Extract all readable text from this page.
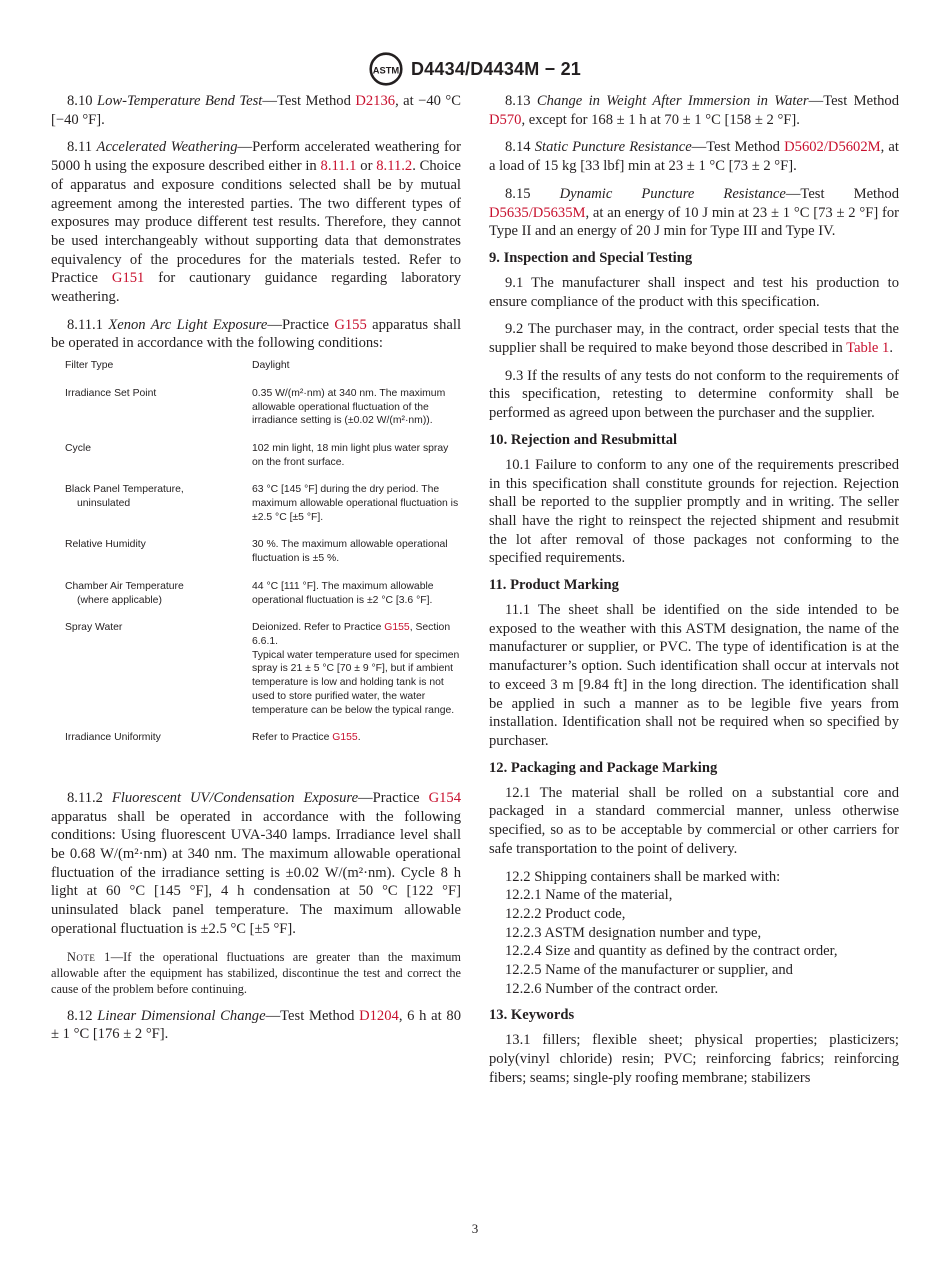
ASTM D4434/D4434M − 21

8.10 Low-Temperature Bend Test—Test Method D2136, at −40 °C [−40 °F].

8.11 Accelerated Weathering—Perform accelerated weathering for 5000 h using the exposure described either in 8.11.1 or 8.11.2. Choice of apparatus and exposure conditions selected shall be by mutual agreement among the interested parties. The two different types of exposures may produce different test results. Therefore, they cannot be used interchangeably without supporting data that demonstrates equivalency of the procedures for the materials tested. Refer to Practice G151 for cautionary guidance regarding laboratory weathering.

8.11.1 Xenon Arc Light Exposure—Practice G155 apparatus shall be operated in accordance with the following conditions:

Filter Type	Daylight
Irradiance Set Point	0.35 W/(m²·nm) at 340 nm. The maximum allowable operational fluctuation of the irradiance setting is (±0.02 W/(m²·nm)).
Cycle	102 min light, 18 min light plus water spray on the front surface.
Black Panel Temperature,
uninsulated	63 °C [145 °F] during the dry period. The maximum allowable operational fluctuation is ±2.5 °C [±5 °F].
Relative Humidity	30 %. The maximum allowable operational fluctuation is ±5 %.
Chamber Air Temperature
(where applicable)	44 °C [111 °F]. The maximum allowable operational fluctuation is ±2 °C [3.6 °F].
Spray Water	Deionized. Refer to Practice G155, Section 6.6.1.
Typical water temperature used for specimen spray is 21 ± 5 °C [70 ± 9 °F], but if ambient temperature is low and holding tank is not used to store purified water, the water temperature can be below the typical range.
Irradiance Uniformity	Refer to Practice G155.

8.11.2 Fluorescent UV/Condensation Exposure—Practice G154 apparatus shall be operated in accordance with the following conditions: Using fluorescent UVA-340 lamps. Irradiance level shall be 0.68 W/(m²·nm) at 340 nm. The maximum allowable operational fluctuation of the irradiance setting is ±0.02 W/(m²·nm). Cycle 8 h light at 60 °C [145 °F], 4 h condensation at 50 °C [122 °F] uninsulated black panel temperature. The maximum allowable operational fluctuation is ±2.5 °C [±5 °F].

Note 1—If the operational fluctuations are greater than the maximum allowable after the equipment has stabilized, discontinue the test and correct the cause of the problem before continuing.

8.12 Linear Dimensional Change—Test Method D1204, 6 h at 80 ± 1 °C [176 ± 2 °F].

8.13 Change in Weight After Immersion in Water—Test Method D570, except for 168 ± 1 h at 70 ± 1 °C [158 ± 2 °F].

8.14 Static Puncture Resistance—Test Method D5602/D5602M, at a load of 15 kg [33 lbf] min at 23 ± 1 °C [73 ± 2 °F].

8.15 Dynamic Puncture Resistance—Test Method D5635/D5635M, at an energy of 10 J min at 23 ± 1 °C [73 ± 2 °F] for Type II and an energy of 20 J min for Type III and Type IV.

9. Inspection and Special Testing

9.1 The manufacturer shall inspect and test his production to ensure compliance of the product with this specification.

9.2 The purchaser may, in the contract, order special tests that the supplier shall be required to make beyond those described in Table 1.

9.3 If the results of any tests do not conform to the requirements of this specification, retesting to determine conformity shall be performed as agreed upon between the purchaser and the supplier.

10. Rejection and Resubmittal

10.1 Failure to conform to any one of the requirements prescribed in this specification shall constitute grounds for rejection. Rejection shall be reported to the supplier promptly and in writing. The seller shall have the right to reinspect the rejected shipment and resubmit the lot after removal of those packages not conforming to the specified requirements.

11. Product Marking

11.1 The sheet shall be identified on the side intended to be exposed to the weather with this ASTM designation, the name of the manufacturer or supplier, or PVC. The type of identification is at the manufacturer’s option. Such identification shall occur at intervals not to exceed 3 m [9.84 ft] in the long direction. The identification shall be applied in such a manner as to be legible five years from installation. Identification shall not be required when so specified by purchaser.

12. Packaging and Package Marking

12.1 The material shall be rolled on a substantial core and packaged in a standard commercial manner, unless otherwise specified, so as to be acceptable by commercial or other carriers for safe transportation to the point of delivery.

12.2 Shipping containers shall be marked with:

12.2.1 Name of the material,

12.2.2 Product code,

12.2.3 ASTM designation number and type,

12.2.4 Size and quantity as defined by the contract order,

12.2.5 Name of the manufacturer or supplier, and

12.2.6 Number of the contract order.

13. Keywords

13.1 fillers; flexible sheet; physical properties; plasticizers; poly(vinyl chloride) resin; PVC; reinforcing fabrics; reinforcing fibers; seams; single-ply roofing membrane; stabilizers

3
